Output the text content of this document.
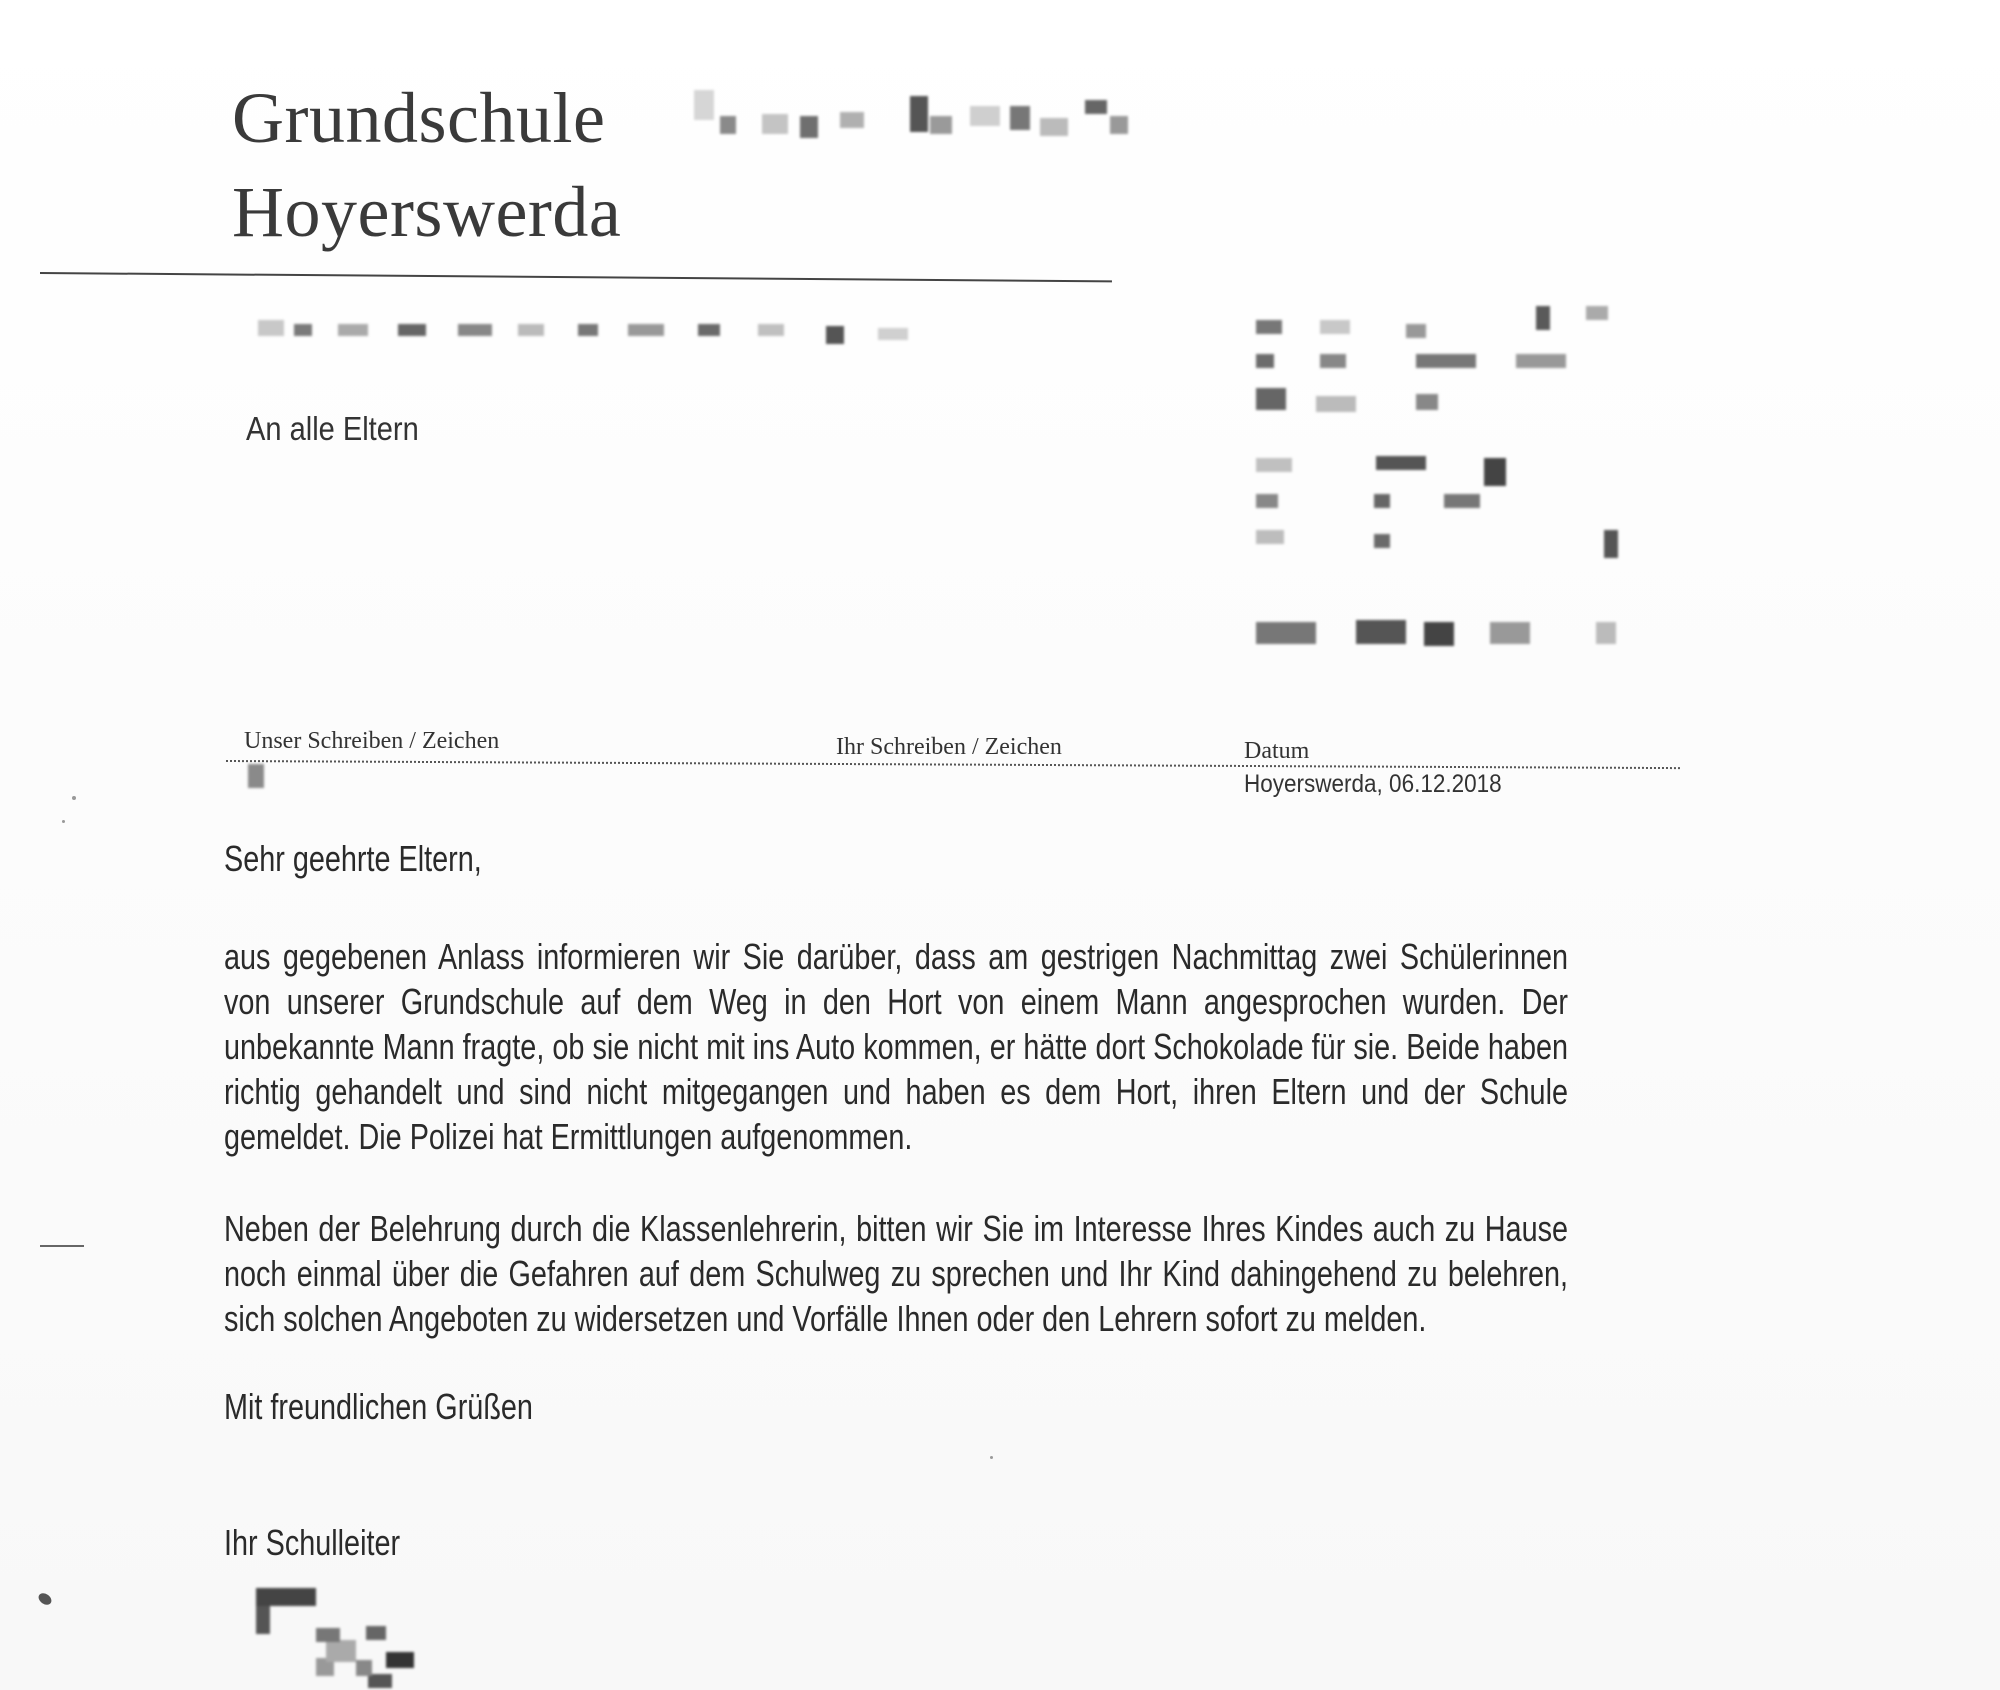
Grundschule
Hoyerswerda
An alle Eltern
Unser Schreiben / Zeichen	Ihr Schreiben / Zeichen	Datum
Hoyerswerda, 06.12.2018

Sehr geehrte Eltern,

aus gegebenen Anlass informieren wir Sie darüber, dass am gestrigen Nachmittag zwei Schülerinnen von unserer Grundschule auf dem Weg in den Hort von einem Mann angesprochen wurden. Der unbekannte Mann fragte, ob sie nicht mit ins Auto kommen, er hätte dort Schokolade für sie. Beide haben richtig gehandelt und sind nicht mitgegangen und haben es dem Hort, ihren Eltern und der Schule gemeldet. Die Polizei hat Ermittlungen aufgenommen.

Neben der Belehrung durch die Klassenlehrerin, bitten wir Sie im Interesse Ihres Kindes auch zu Hause noch einmal über die Gefahren auf dem Schulweg zu sprechen und Ihr Kind dahingehend zu belehren, sich solchen Angeboten zu widersetzen und Vorfälle Ihnen oder den Lehrern sofort zu melden.

Mit freundlichen Grüßen

Ihr Schulleiter
